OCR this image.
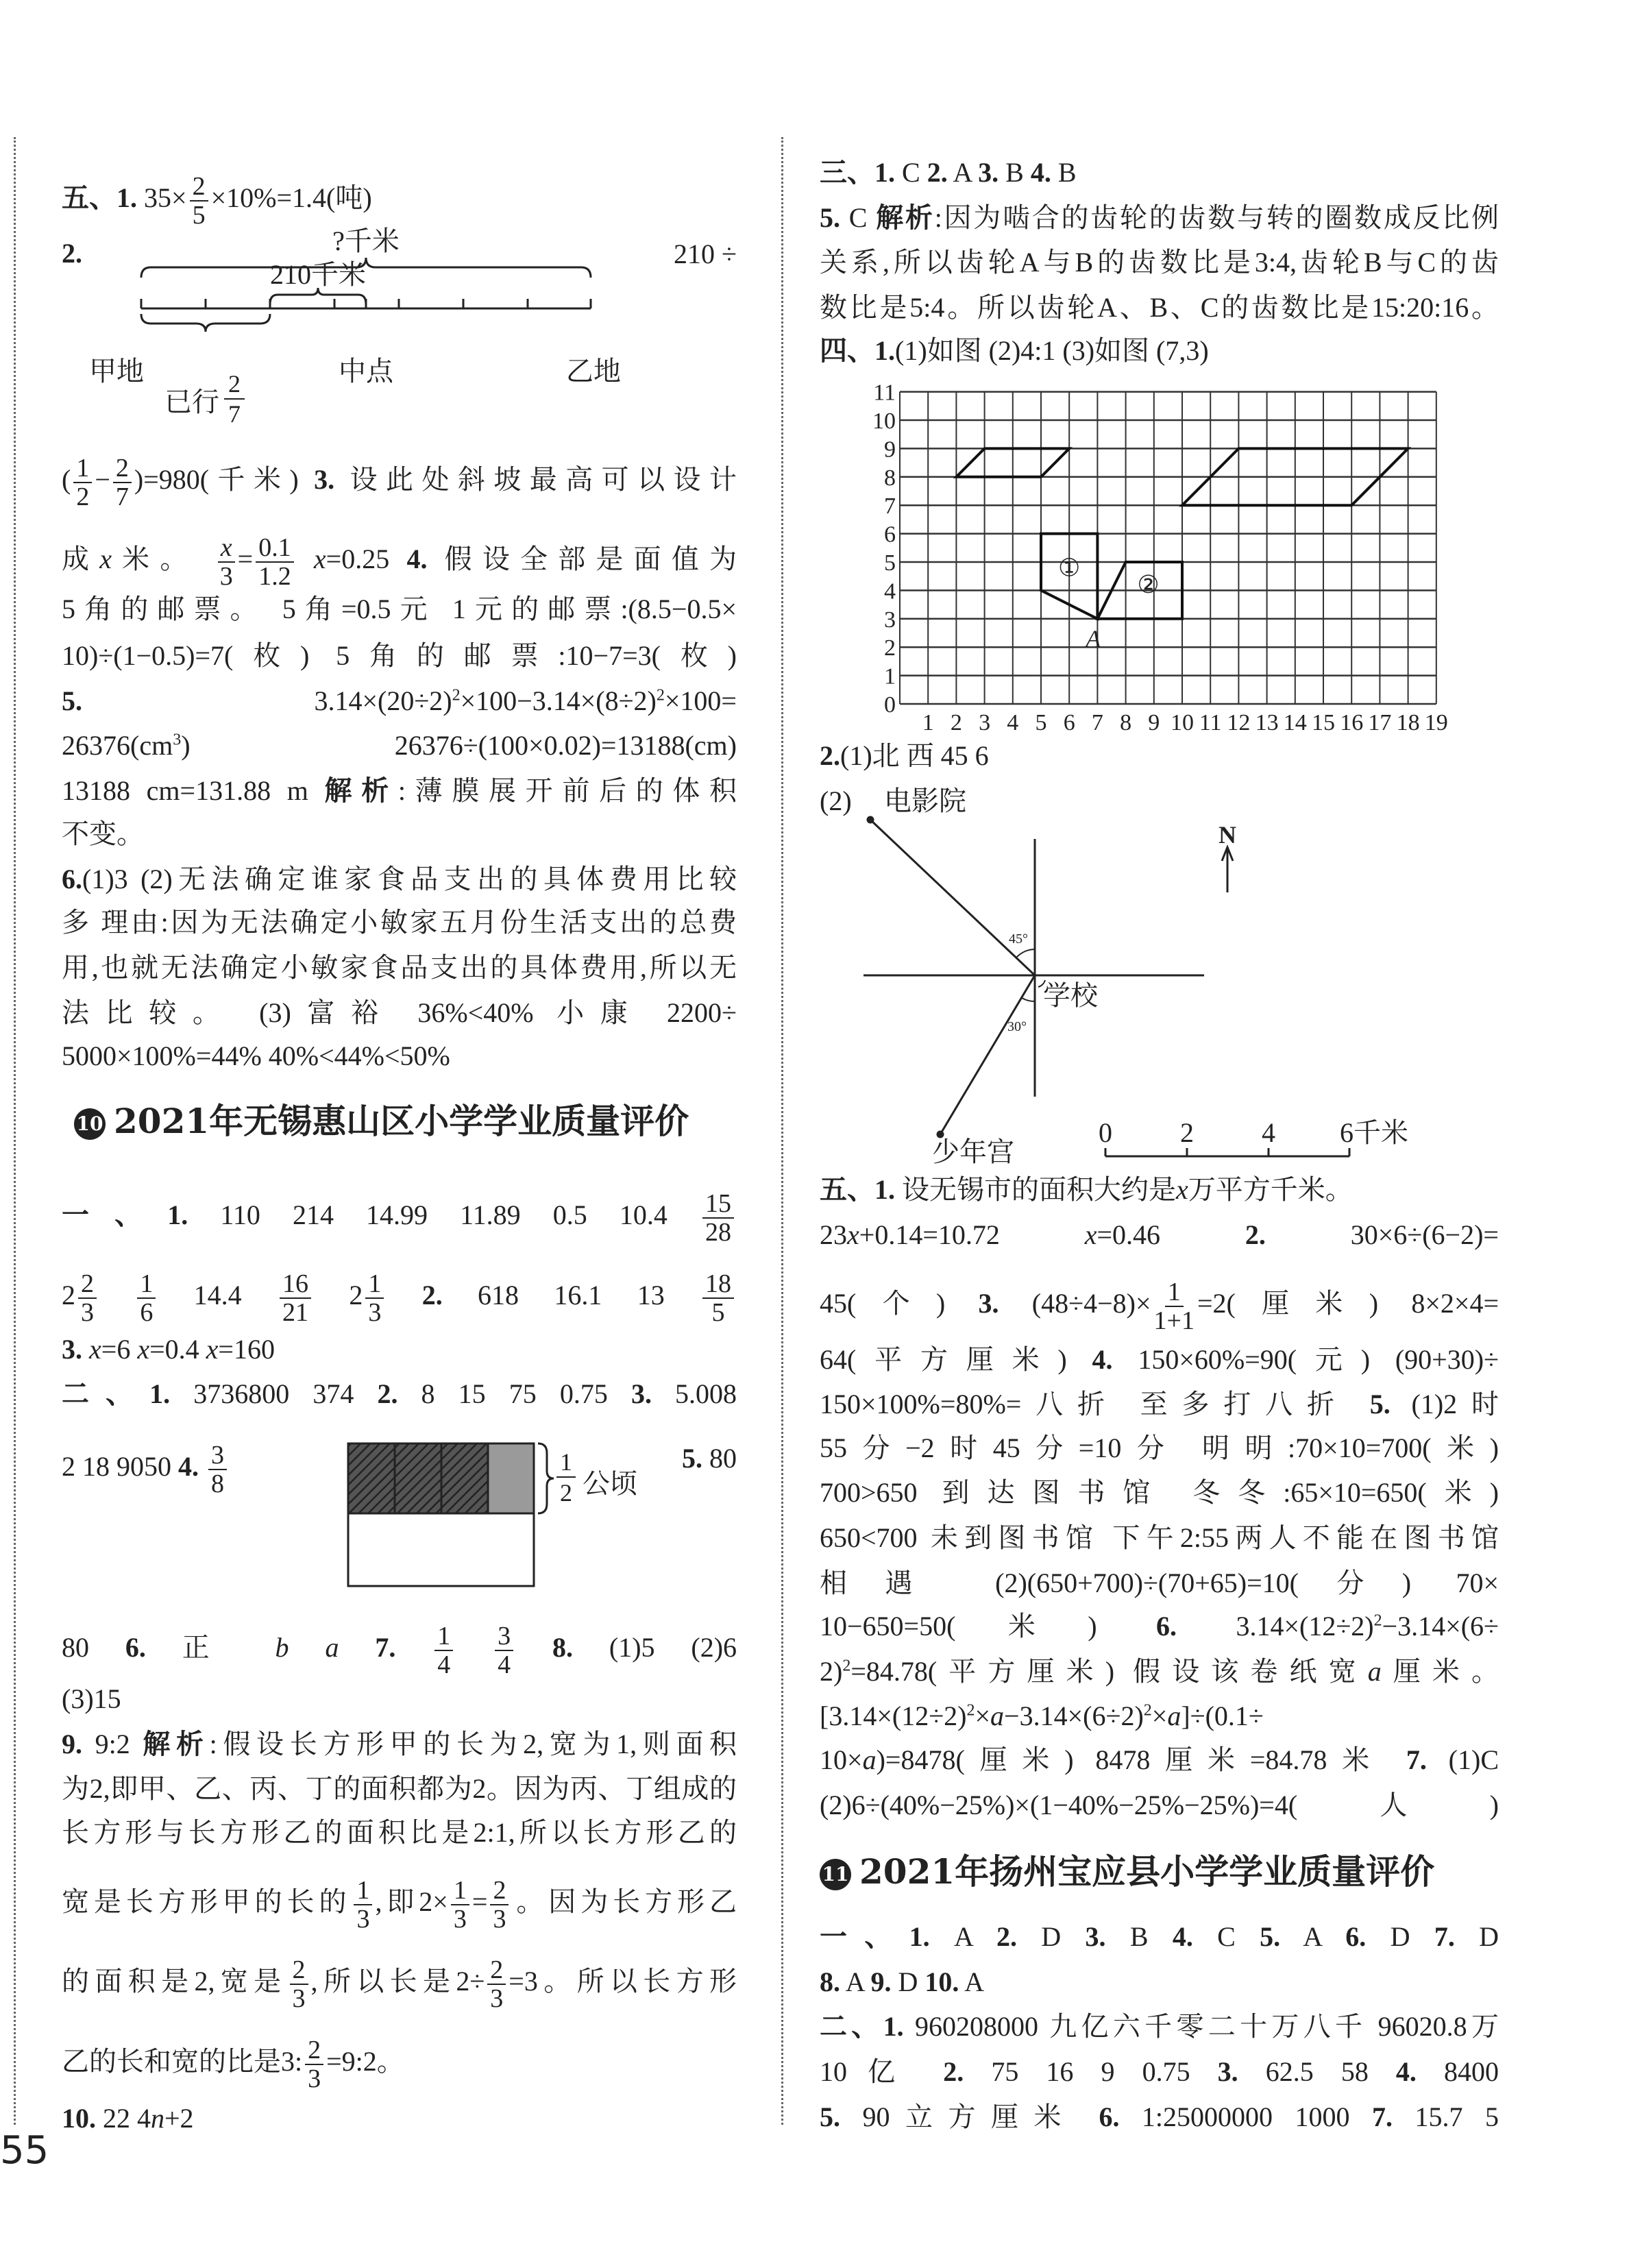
五、1. $35\times \frac{2}{5} \times 10\%=1.4$(吨)
2.
( $\frac{1}{2} - \frac{2}{7} )=980$(千米) 3. 设此处斜坡最高可以设计
成x米。 $\frac{x}{3} = \frac{0.1}{1.2} x=0.25$ 4. 假设全部是面值为
5角的邮票。 5角=0.5元 1元的邮票:(8.5−0.5×
10)÷(1−0.5)=7(枚) 5角的邮票:10−7=3(枚)
5. $3.14\times(20\div 2)^2\times 100-3.14\times(8\div 2)^2\times 100=$
$26376(cm^3)$ 26376÷(100×0.02)=13188(cm)
13188 cm=131.88 m 解析:薄膜展开前后的体积
不变。
6.(1)3 (2)无法确定谁家食品支出的具体费用比较
多 理由:因为无法确定小敏家五月份生活支出的总费
用,也就无法确定小敏家食品支出的具体费用,所以无
法比较。 (3)富裕 36%<40% 小康 2200÷
5000×100%=44% 40%<44%<50%
一、1. 110 214 14.99 11.89 0.5 $10.4 \frac{15}{28}$
$2 \frac{2}{3}$
$\frac{1}{6} 14.4 \frac{16}{21} 2 \frac{1}{3} 2$. 618 16.1 $13 \frac{18}{5}$
3. x=6 x=0.4 x=160
二、1. 3736800 374 2. 8 15 75 0.75 3. 5.008
2 18 9050 4. $\frac{3}{8}$	5. 80
80 6. 正 b a 7. $\frac{1}{4}$
$\frac{3}{4} 8$. (1)5 (2)6
(3)15
9. 9:2 解析:假设长方形甲的长为2,宽为1,则面积
为2,即甲、乙、丙、丁的面积都为2。因为丙、丁组成的
长方形与长方形乙的面积比是2:1,所以长方形乙的
宽是长方形甲的长的 $\frac{1}{3}$ ,即$2\times \frac{1}{3} = \frac{2}{3}$ 。因为长方形乙
的面积是2,宽是 $\frac{2}{3}$ ,所以长是$2\div \frac{2}{3} =3$。所以长方形
乙的长和宽的比是3: $\frac{2}{3}$ =9:2。
10. 22 4n+2
三、1. C 2. A 3. B 4. B
5. C 解析:因为啮合的齿轮的齿数与转的圈数成反比例
关系,所以齿轮A与B的齿数比是3:4,齿轮B与C的齿
数比是5:4。所以齿轮A、B、C的齿数比是15:20:16。
四、1.(1)如图 (2)4:1 (3)如图 (7,3)
2.(1)北 西 45 6
(2)
五、1. 设无锡市的面积大约是x万平方千米。
23x+0.14=10.72 x=0.46 2. 30×6÷(6−2)=
45(个) 3. $(48\div 4-8)\times \frac{1}{1+1} =2$(厘米) 8×2×4=
64(平方厘米) 4. 150×60%=90(元) (90+30)÷
150×100%=80%=八折 至多打八折 5. (1)2时
55分−2时45分=10分 明明:70×10=700(米)
700>650 到达图书馆 冬冬:65×10=650(米)
650<700 未到图书馆 下午2:55两人不能在图书馆
相遇 (2)(650+700)÷(70+65)=10(分) 70×
10−650=50(米) 6. $3.14\times(12\div 2)^2-3.14\times(6\div$
2)$^2$=84.78(平方厘米) 假设该卷纸宽a厘米。
$[3.14\times(12\div 2)^2\times a-3.14\times(6\div 2)^2\times a]\div(0.1\div$
10×a)=8478(厘米) 8478厘米=84.78米 7. (1)C
(2)6÷(40%−25%)×(1−40%−25%−25%)=4(人)
一、1. A 2. D 3. B 4. C 5. A 6. D 7. D
8. A 9. D 10. A
二、1. 960208000 九亿六千零二十万八千 96020.8万
10亿 2. 75 16 9 0.75 3. 62.5 58 4. 8400
5. 90立方厘米 6. 1:25000000 1000 7. 15.7 5
10 2021年无锡惠山区小学学业质量评价
11 2021年扬州宝应县小学学业质量评价
55
?千米
210千米
甲地	中点	乙地
已行
2
7
210 ÷
1
2 公顷
1 2 3 4 5 6 7 8 9 10 11 12 13 14 15 16 17 18 19
0
1
2
3
4
5
6
7
8
9
10
11
①
②
A
N
学校
电影院
少年宫
45°
30°
0 2 4 6千米
